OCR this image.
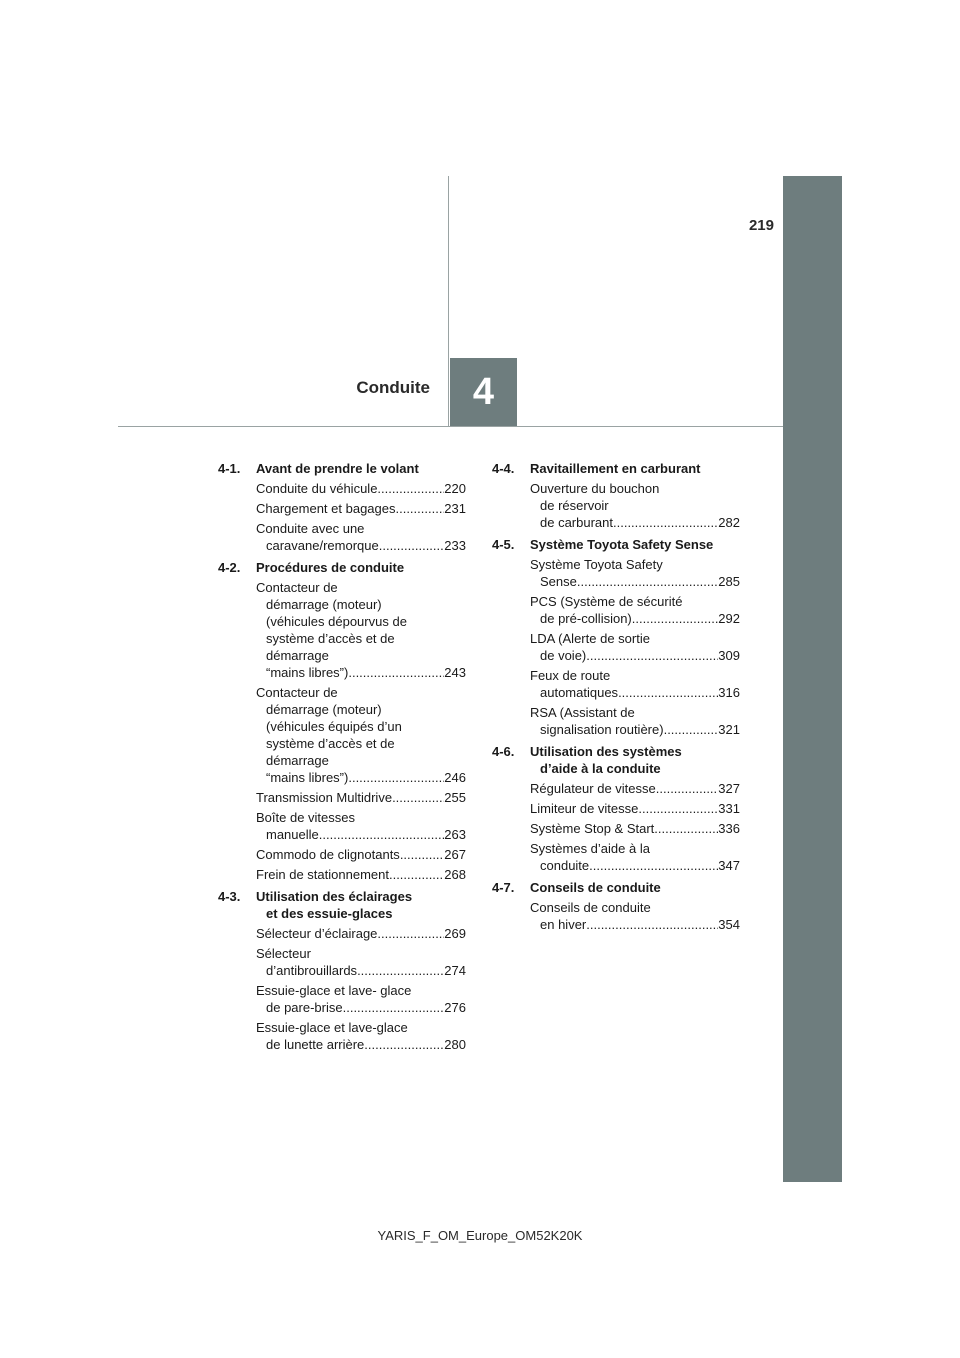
219
Conduite	4
4-1.	Avant de prendre le volant
Conduite du véhicule .....	220
Chargement et bagages .....	231
Conduite avec une
caravane/remorque .....	233
4-2.	Procédures de conduite
Contacteur de
démarrage (moteur)
(véhicules dépourvus de
système d’accès et de
démarrage
“mains libres”) .....	243
Contacteur de
démarrage (moteur)
(véhicules équipés d’un
système d’accès et de
démarrage
“mains libres”) .....	246
Transmission Multidrive .....	255
Boîte de vitesses
manuelle .....	263
Commodo de clignotants .....	267
Frein de stationnement .....	268
4-3.	Utilisation des éclairages
et des essuie-glaces
Sélecteur d’éclairage .....	269
Sélecteur
d’antibrouillards .....	274
Essuie-glace et lave- glace
de pare-brise .....	276
Essuie-glace et lave-glace
de lunette arrière .....	280
4-4.	Ravitaillement en carburant
Ouverture du bouchon
de réservoir
de carburant .....	282
4-5.	Système Toyota Safety Sense
Système Toyota Safety
Sense .....	285
PCS (Système de sécurité
de pré-collision) .....	292
LDA (Alerte de sortie
de voie) .....	309
Feux de route
automatiques .....	316
RSA (Assistant de
signalisation routière) .....	321
4-6.	Utilisation des systèmes
d’aide à la conduite
Régulateur de vitesse .....	327
Limiteur de vitesse .....	331
Système Stop & Start .....	336
Systèmes d’aide à la
conduite .....	347
4-7.	Conseils de conduite
Conseils de conduite
en hiver .....	354
YARIS_F_OM_Europe_OM52K20K
